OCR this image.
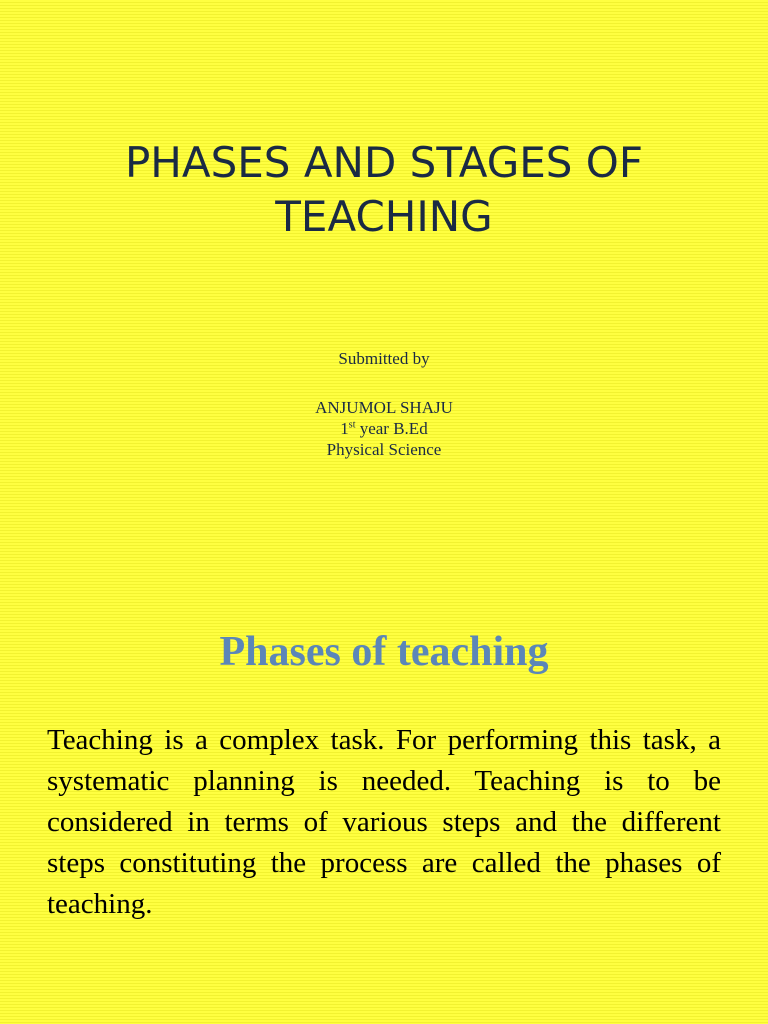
PHASES AND STAGES OF TEACHING

Submitted by

ANJUMOL SHAJU

1st year B.Ed

Physical Science

Phases of teaching

Teaching is a complex task. For performing this task, a systematic planning is needed. Teaching is to be considered in terms of various steps and the different steps constituting the process are called the phases of teaching.
